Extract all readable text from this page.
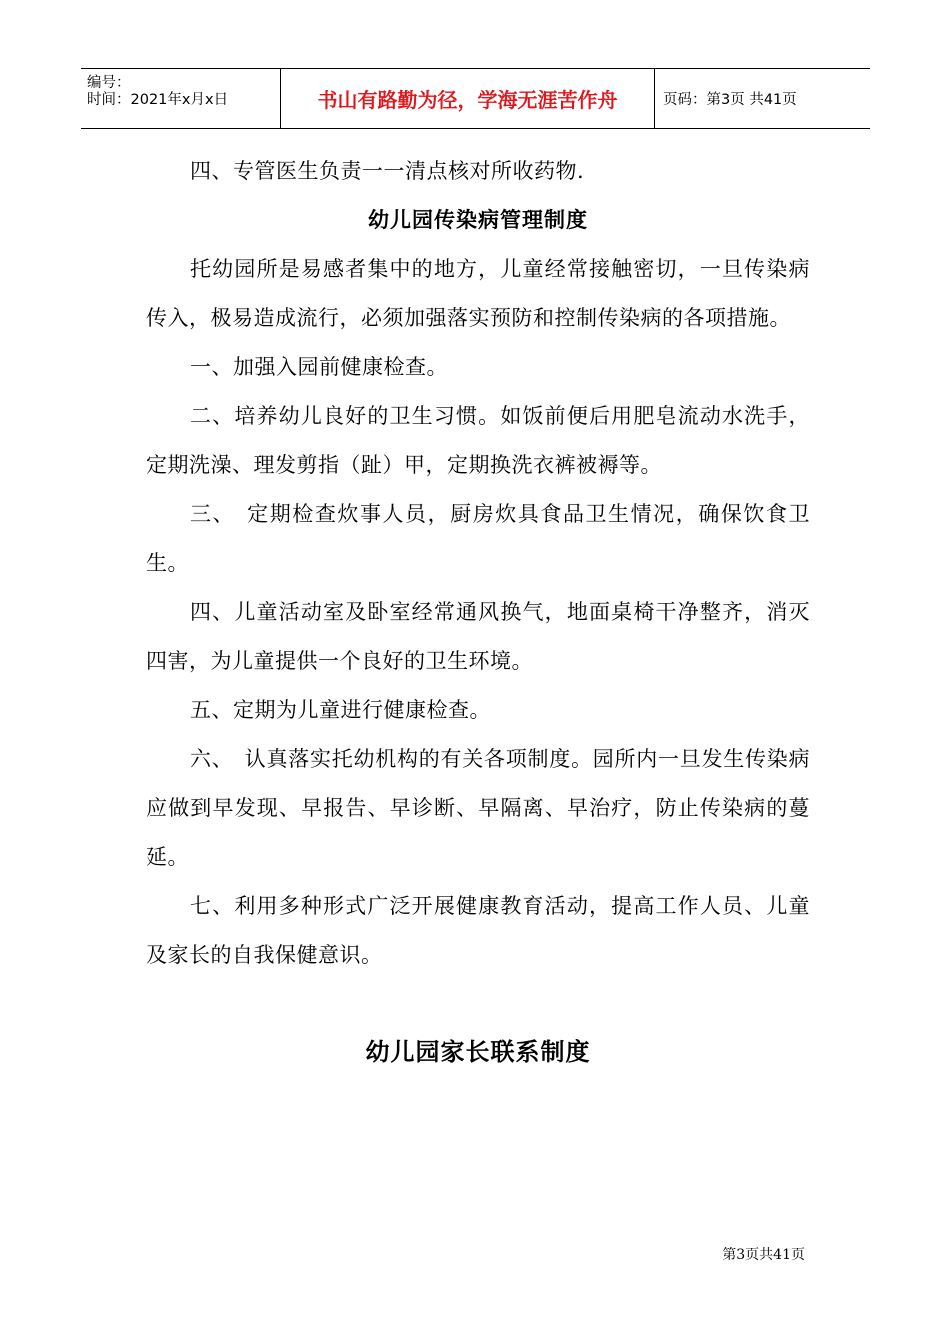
编号：
时间：2021年x月x日	书山有路勤为径，学海无涯苦作舟	页码：第3页 共41页

四、专管医生负责一一清点核对所收药物.

幼儿园传染病管理制度

托幼园所是易感者集中的地方，儿童经常接触密切，一旦传染病传入，极易造成流行，必须加强落实预防和控制传染病的各项措施。

一、加强入园前健康检查。

二、培养幼儿良好的卫生习惯。如饭前便后用肥皂流动水洗手，定期洗澡、理发剪指（趾）甲，定期换洗衣裤被褥等。

三、　定期检查炊事人员，厨房炊具食品卫生情况，确保饮食卫生。

四、儿童活动室及卧室经常通风换气，地面桌椅干净整齐，消灭四害，为儿童提供一个良好的卫生环境。

五、定期为儿童进行健康检查。

六、　认真落实托幼机构的有关各项制度。园所内一旦发生传染病应做到早发现、早报告、早诊断、早隔离、早治疗，防止传染病的蔓延。

七、利用多种形式广泛开展健康教育活动，提高工作人员、儿童及家长的自我保健意识。

幼儿园家长联系制度

第3页共41页
